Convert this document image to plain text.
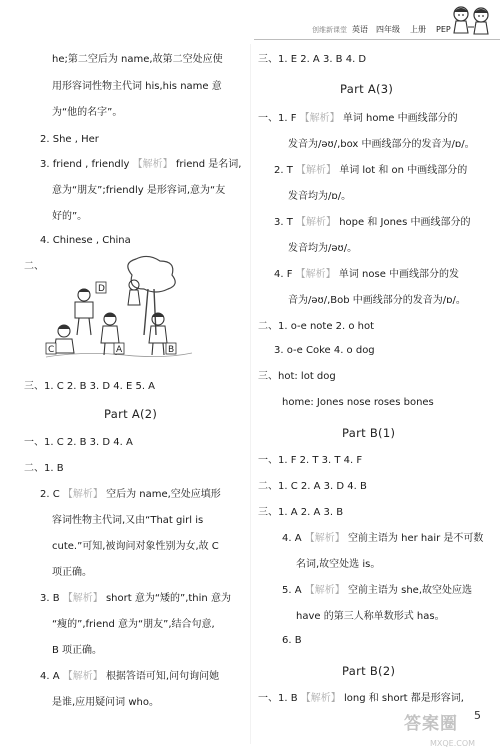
创维新课堂 英语 四年级 上册 PEP
he;第二空后为 name,故第二空处应使
用形容词性物主代词 his,his name 意
为“他的名字”。
2. She , Her
3. friend , friendly 【解析】 friend 是名词,
意为“朋友”;friendly 是形容词,意为“友
好的”。
4. Chinese , China
二、
D
C	A	B
三、1. C 2. B 3. D 4. E 5. A
Part A(2)
一、1. C 2. B 3. D 4. A
二、1. B
2. C 【解析】 空后为 name,空处应填形
容词性物主代词,又由“That girl is
cute.”可知,被询问对象性别为女,故 C
项正确。
3. B 【解析】 short 意为“矮的”,thin 意为
“瘦的”,friend 意为“朋友”,结合句意,
B 项正确。
4. A 【解析】 根据答语可知,问句询问她
是谁,应用疑问词 who。
三、1. E 2. A 3. B 4. D
Part A(3)
一、1. F 【解析】 单词 home 中画线部分的
发音为/əʊ/,box 中画线部分的发音为/ɒ/。
2. T 【解析】 单词 lot 和 on 中画线部分的
发音均为/ɒ/。
3. T 【解析】 hope 和 Jones 中画线部分的
发音均为/əʊ/。
4. F 【解析】 单词 nose 中画线部分的发
音为/əʊ/,Bob 中画线部分的发音为/ɒ/。
二、1. o-e note 2. o hot
3. o-e Coke 4. o dog
三、hot: lot dog
home: Jones nose roses bones
Part B(1)
一、1. F 2. T 3. T 4. F
二、1. C 2. A 3. D 4. B
三、1. A 2. A 3. B
4. A 【解析】 空前主语为 her hair 是不可数
名词,故空处选 is。
5. A 【解析】 空前主语为 she,故空处应选
have 的第三人称单数形式 has。
6. B
Part B(2)
一、1. B 【解析】 long 和 short 都是形容词,
答案圈
MXQE.COM
5
